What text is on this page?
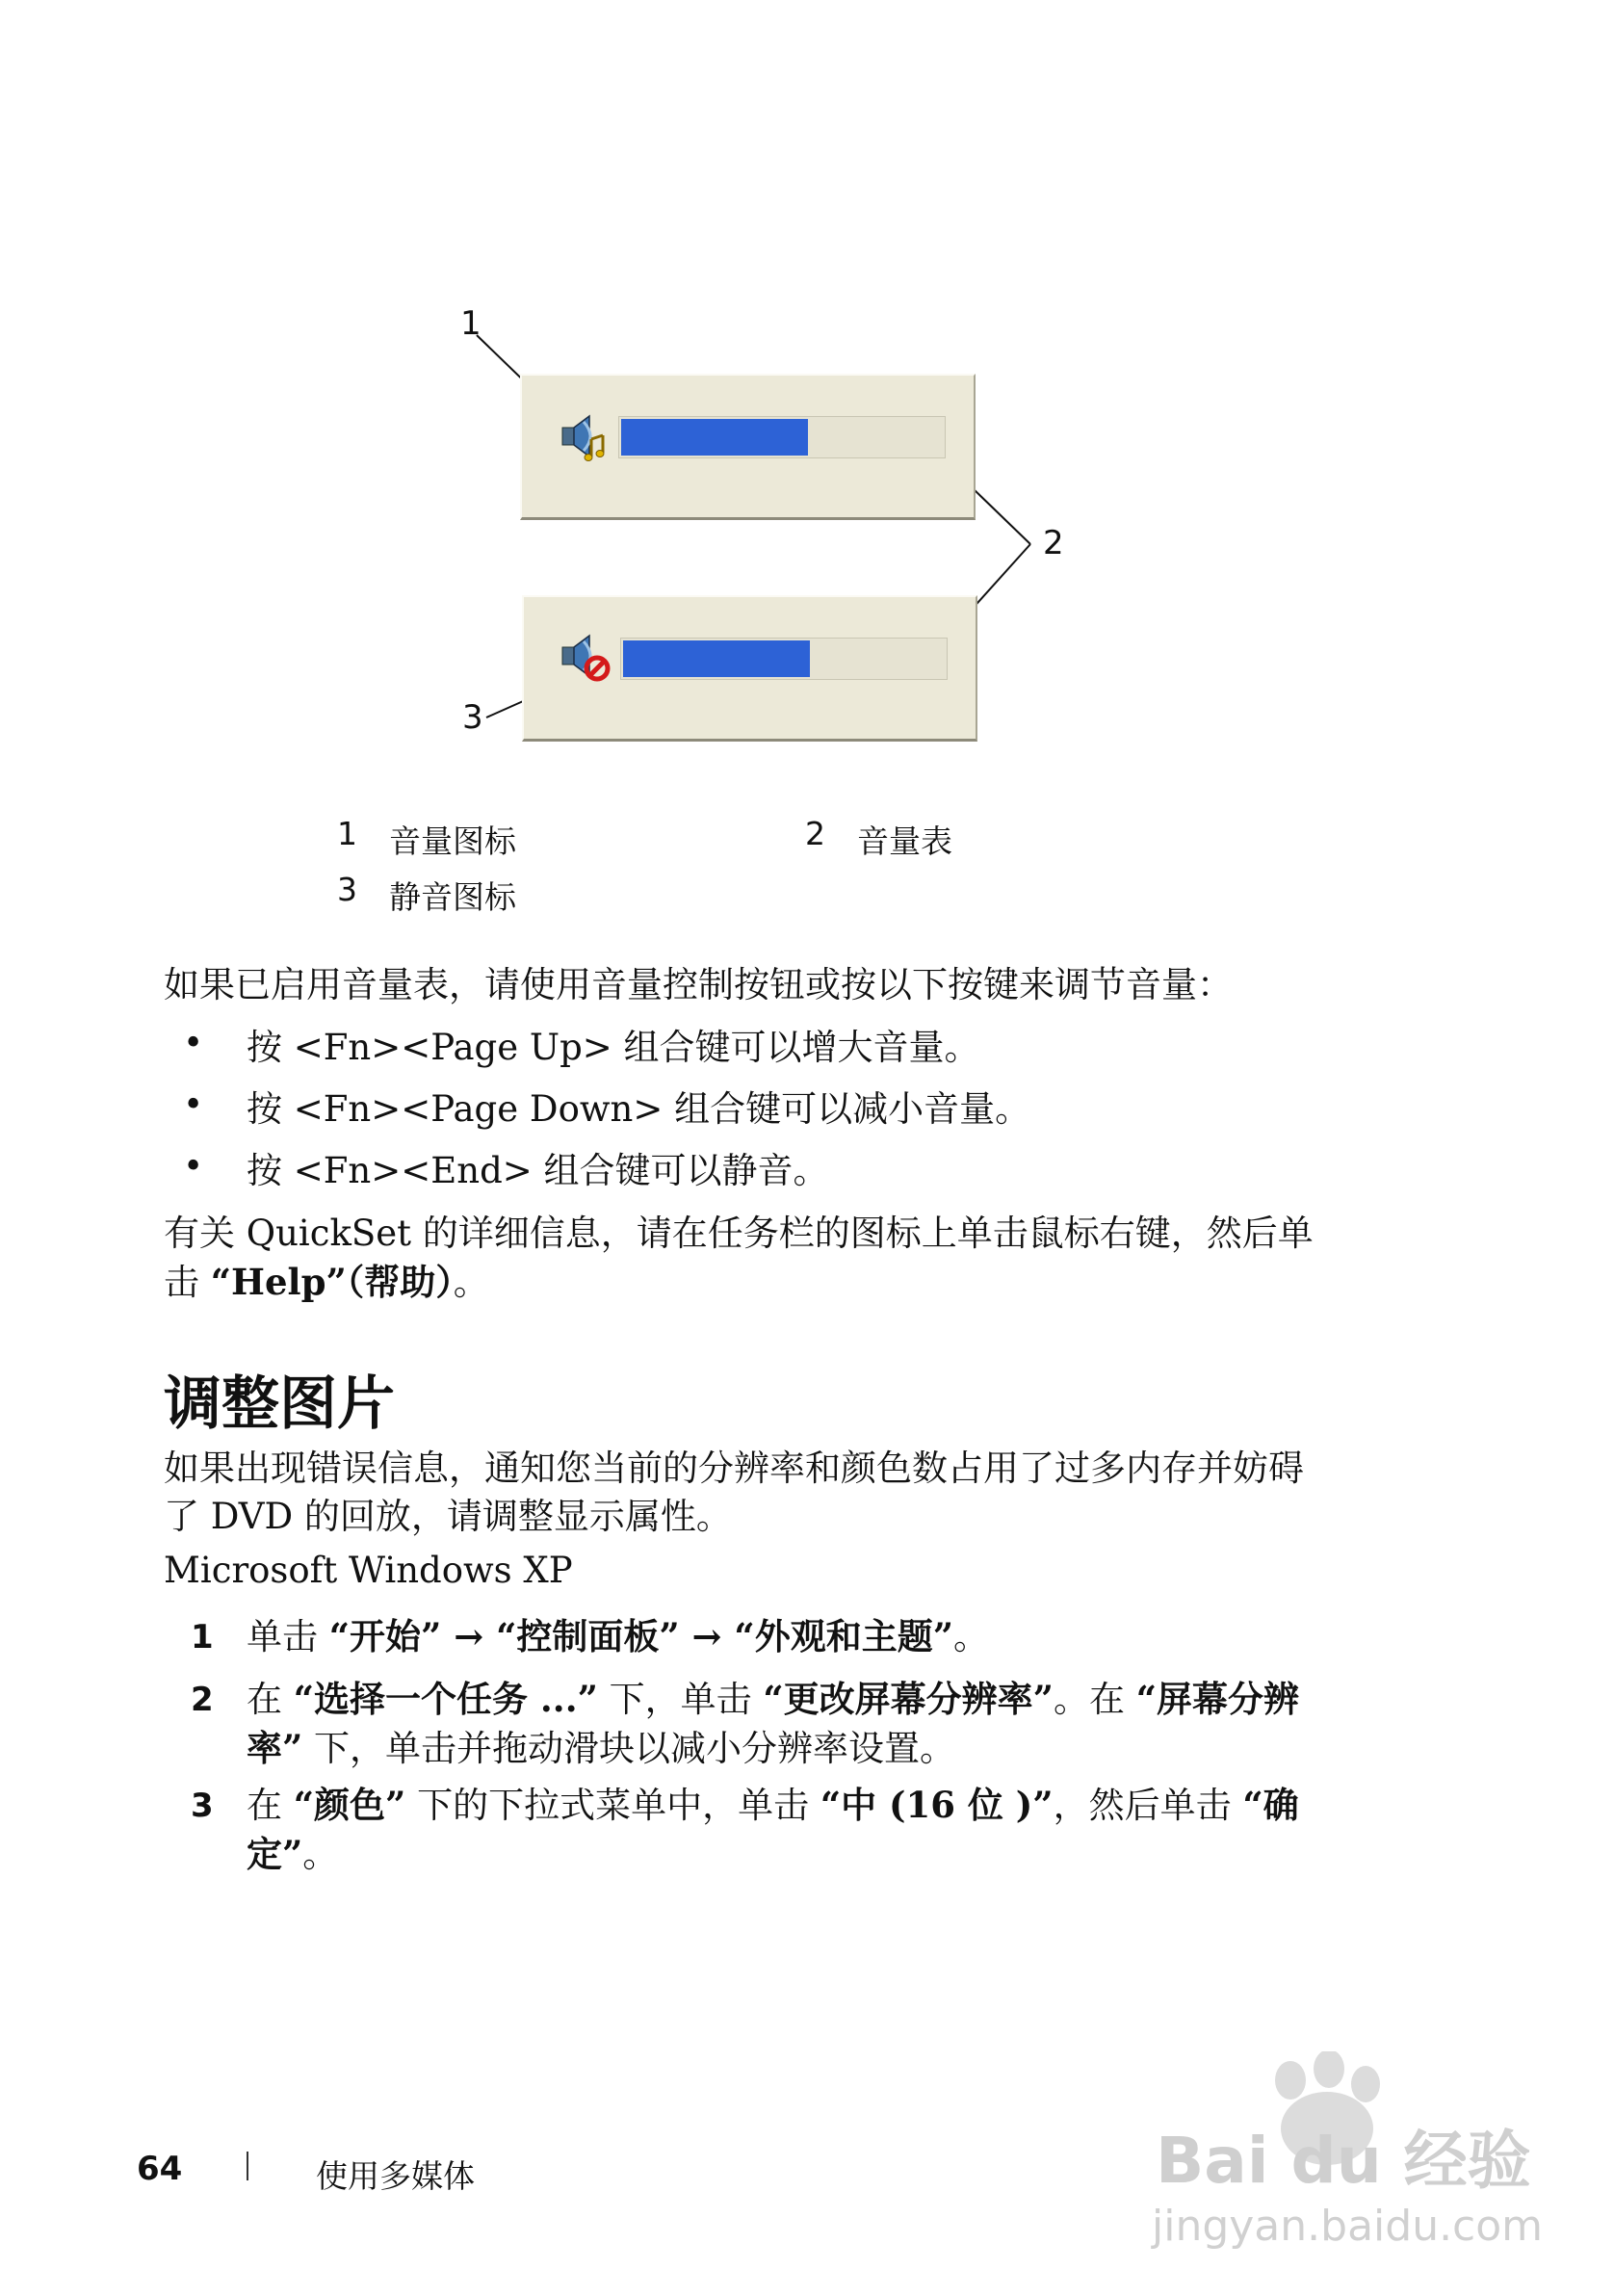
1
2
3
1 音量图标	2 音量表
3 静音图标
如果已启用音量表，请使用音量控制按钮或按以下按键来调节音量：
• 按 <Fn><Page Up> 组合键可以增大音量。
• 按 <Fn><Page Down> 组合键可以减小音量。
• 按 <Fn><End> 组合键可以静音。
有关 QuickSet 的详细信息，请在任务栏的图标上单击鼠标右键，然后单
击 “Help”（帮助）。
调整图片
如果出现错误信息，通知您当前的分辨率和颜色数占用了过多内存并妨碍
了 DVD 的回放，请调整显示属性。
Microsoft Windows XP
1 单击 “开始” → “控制面板” → “外观和主题”。
2 在 “选择一个任务 ...” 下，单击 “更改屏幕分辨率”。在 “屏幕分辨
率” 下，单击并拖动滑块以减小分辨率设置。
3 在 “颜色” 下的下拉式菜单中，单击 “中 (16 位 )”，然后单击 “确
定”。
64	使用多媒体	Bai du 经验
jingyan.baidu.com
